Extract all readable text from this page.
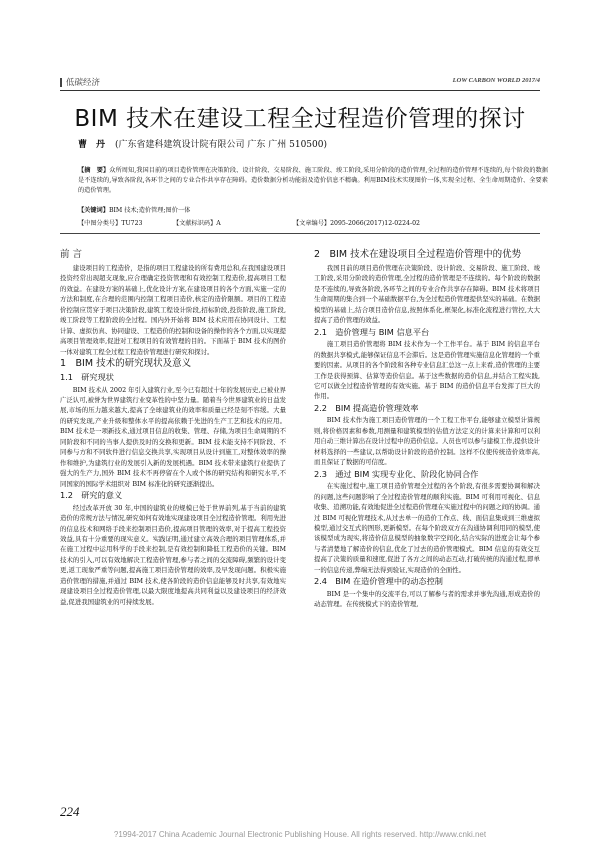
低碳经济	LOW CARBON WORLD 2017/4
BIM 技术在建设工程全过程造价管理的探讨
曹　丹 (广东省建科建筑设计院有限公司 广东 广州 510500)
【摘　要】众所周知,我国目前的项目造价管理在决策阶段、设计阶段、交易阶段、施工阶段、竣工阶段,采用分阶段的造价管理,全过程的造价管理不连续的,每个阶段的数据是不连续的,导致各阶段,各环节之间的专业合作共享存在障碍。造价数据分析功能弱及造价信息不精确。利用BIM技术实现图价一体,实现全过程、全生命周期造价、全要素的造价管理。
【关键词】BIM 技术;造价管理;图价一体
【中图分类号】TU723	【文献标识码】A	【文章编号】2095-2066(2017)12-0224-02
前 言

建设项目的工程造价，是指的项目工程建设的所有费用总和,在我国建设项目投资经常出现超支现象,应合理确定投资管理和有效控制工程造价,提高项目工程的效益。在建设方案的基础上,优化设计方案,在建设项目的各个方面,实施一定的方法和制度,在合理的范围内控制工程项目造价,核定的造价限额。项目的工程造价控制应贯穿于项目决策阶段,建筑工程设计阶段,招标阶段,投资阶段,施工阶段,竣工阶段等工程阶段的全过程。国内外开始将 BIM 技术应用在协同设计、工程计算、虚拟仿真、协同建设、工程造价的控制和设备的操作的各个方面,以实现提高项目管理效率,促进对工程项目的有效管理的目的。下面基于 BIM 技术的图价一体对建筑工程全过程工程造价管理进行研究和探讨。

1　BIM 技术的研究现状及意义
1.1　研究现状

BIM 技术从 2002 年引入建筑行业,至今已有超过十年的发展历史,已被业界广泛认可,被誉为世界建筑行业变革性的中坚力量。随着当今世界建筑业的日益发展,市场的压力越来越大,提高了全球建筑业的效率和质量已经是刻不容缓。大量的研究发现,产业升级和整体水平的提高依赖于先进的生产工艺和技术的应用。BIM 技术是一项新技术,通过项目信息的收集、管理、存储,为项目生命周期的不同阶段和不同的当事人提供及时的交换和更新。BIM 技术能支持不同阶段、不同参与方和不同软件进行信息交换共享,实现项目从设计到施工,对整体效率的操作和维护,为建筑行业的发展引入新的发展机遇。BIM 技术带来建筑行业提供了强大的生产力,国外 BIM 技术不再停留在个人或个体的研究结构和研究水平,不同国家的国际学术组织对 BIM 标准化的研究逐渐提出。

1.2　研究的意义

经过改革开放 30 年,中国的建筑业的规模已处于世界前列,基于当前的建筑造价的常规方法与情况,研究如何有效地实现建设项目全过程造价管理。利用先进的信息技术和网络手段来控制项目造价,提高项目管理的效率,对于提高工程投资效益,具有十分重要的现实意义。实践证明,通过建立高效合理的项目管理体系,并在施工过程中运用科学的手段来控制,是有效控制和降低工程造价的关键。BIM 技术的引入,可以有效地解决工程造价管理,参与者之间的交流障碍,频繁的设计变更,返工现象严重等问题,提高施工项目造价管理的效率,及早发现问题。积极实施造价管理的措施,并通过 BIM 技术,使各阶段的造价信息能够及时共享,有效地实现建设项目全过程造价管理,以最大限度地提高共同利益以及建设项目的经济效益,促进我国建筑业的可持续发展。

2　BIM 技术在建设项目全过程造价管理中的优势

我国目前的项目造价管理在决策阶段、设计阶段、交易阶段、施工阶段、竣工阶段,采用分阶段的造价管理,全过程的造价管理是不连续的。每个阶段的数据是不连续的,导致各阶段,各环节之间的专业合作共享存在障碍。BIM 技术将项目生命周期的集合到一个基础数据平台,为全过程造价管理提供坚实的基础。在数据模型的基础上,结合项目造价信息,按照体系化,框架化,标准化流程进行管控,大大提高了造价管理的效益。

2.1　造价管理与 BIM 信息平台

施工项目造价管理将 BIM 技术作为一个工作平台。基于 BIM 的信息平台的数据共享模式,能够保证信息不会滞后。这是造价管理实施信息化管理的一个重要的因素。从项目的各个阶段和各种专业信息汇总这一点上来看,造价管理的主要工作是获得预算、估算等造价信息。基于这些数据的造价信息,并结合工程实践,它可以做全过程造价管理的有效实施。基于 BIM 的造价信息平台发挥了巨大的作用。

2.2　BIM 提高造价管理效率

BIM 技术作为施工项目造价管理的一个工程工作平台,能够建立模型计算规则,将价格因素和参数,用测量和建筑模型的估值方法定义的计算来计算和可以利用自动三维计算出在设计过程中的造价信息。人员也可以参与建模工作,提供设计材料选择的一些建议,以帮助设计阶段的造价控制。这样不仅使传统造价效率高,而且保证了数据的可信度。

2.3　通过 BIM 实现专业化、阶段化协同合作

在实施过程中,施工项目造价管理全过程的各个阶段,有很多需要协调和解决的问题,这些问题影响了全过程造价管理的顺利实施。BIM 可利用可视化、信息收集、追溯功能,有效地促进全过程造价管理在实施过程中的问题之间的协调。通过 BIM 可视化管理技术,从过去单一的造价工作点、线、面信息集成到三维虚拟模型,通过交互式的图形,更新模型。在每个阶段双方在沟通协调利用同的模型,使该模型成为现实,将造价信息模型的抽象数字空间化,结合实际的进度会让每个参与者清楚地了解造价的信息,优化了过去的造价管理模式。BIM 信息的有效交互提高了决策的质量和速度,促进了各方之间的动态互动,打破传统的沟通过程,即单一的信息传递,弊端无法得到验证,实现造价的全面性。

2.4　BIM 在造价管理中的动态控制

BIM 是一个集中的交流平台,可以了解参与者的需求并事先沟通,形成造价的动态管理。在传统模式下的造价管理,

224
?1994-2017 China Academic Journal Electronic Publishing House. All rights reserved. http://www.cnki.net
